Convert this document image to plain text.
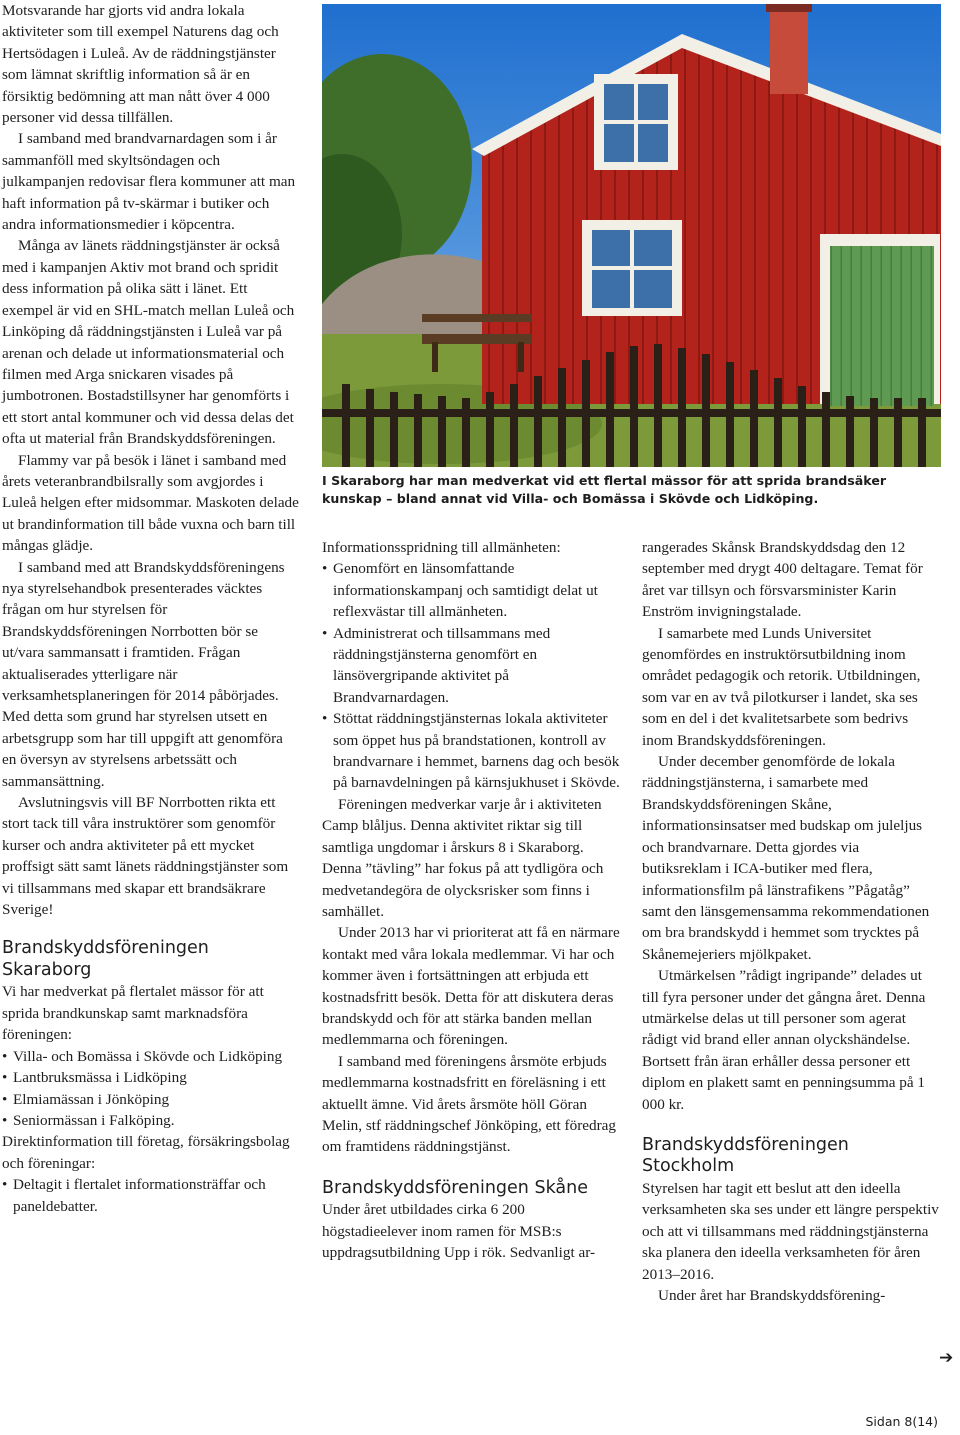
Motsvarande har gjorts vid andra lokala aktiviteter som till exempel Naturens dag och Hertsödagen i Luleå. Av de räddningstjänster som lämnat skriftlig information så är en försiktig bedömning att man nått över 4 000 personer vid dessa tillfällen.

I samband med brandvarnardagen som i år sammanföll med skyltsöndagen och julkampanjen redovisar flera kommuner att man haft information på tv-skärmar i butiker och andra informationsmedier i köpcentra.

Många av länets räddningstjänster är också med i kampanjen Aktiv mot brand och spridit dess information på olika sätt i länet. Ett exempel är vid en SHL-match mellan Luleå och Linköping då räddningstjänsten i Luleå var på arenan och delade ut informationsmaterial och filmen med Arga snickaren visades på jumbotronen. Bostadstillsyner har genomförts i ett stort antal kommuner och vid dessa delas det ofta ut material från Brandskyddsföreningen.

Flammy var på besök i länet i samband med årets veteranbrandbilsrally som avgjordes i Luleå helgen efter midsommar. Maskoten delade ut brandinformation till både vuxna och barn till mångas glädje.

I samband med att Brandskyddsföreningens nya styrelsehandbok presenterades väcktes frågan om hur styrelsen för Brandskyddsföreningen Norrbotten bör se ut/vara sammansatt i framtiden. Frågan aktualiserades ytterligare när verksamhetsplaneringen för 2014 påbörjades. Med detta som grund har styrelsen utsett en arbetsgrupp som har till uppgift att genomföra en översyn av styrelsens arbetssätt och sammansättning.

Avslutningsvis vill BF Norrbotten rikta ett stort tack till våra instruktörer som genomför kurser och andra aktiviteter på ett mycket proffsigt sätt samt länets räddningstjänster som vi tillsammans med skapar ett brandsäkrare Sverige!

Brandskyddsföreningen Skaraborg

Vi har medverkat på flertalet mässor för att sprida brandkunskap samt marknadsföra föreningen:

• Villa- och Bomässa i Skövde och Lidköping
• Lantbruksmässa i Lidköping
• Elmiamässan i Jönköping
• Seniormässan i Falköping.

Direktinformation till företag, försäkringsbolag och föreningar:

• Deltagit i flertalet informationsträffar och paneldebatter.
I Skaraborg har man medverkat vid ett flertal mässor för att sprida brandsäker kunskap – bland annat vid Villa- och Bomässa i Skövde och Lidköping.

Informationsspridning till allmänheten:

• Genomfört en länsomfattande informationskampanj och samtidigt delat ut reflexvästar till allmänheten.
• Administrerat och tillsammans med räddningstjänsterna genomfört en länsövergripande aktivitet på Brandvarnardagen.
• Stöttat räddningstjänsternas lokala aktiviteter som öppet hus på brandstationen, kontroll av brandvarnare i hemmet, barnens dag och besök på barnavdelningen på kärnsjukhuset i Skövde.

Föreningen medverkar varje år i aktiviteten Camp blåljus. Denna aktivitet riktar sig till samtliga ungdomar i årskurs 8 i Skaraborg. Denna ”tävling” har fokus på att tydligöra och medvetandegöra de olycksrisker som finns i samhället.

Under 2013 har vi prioriterat att få en närmare kontakt med våra lokala medlemmar. Vi har och kommer även i fortsättningen att erbjuda ett kostnadsfritt besök. Detta för att diskutera deras brandskydd och för att stärka banden mellan medlemmarna och föreningen.

I samband med föreningens årsmöte erbjuds medlemmarna kostnadsfritt en föreläsning i ett aktuellt ämne. Vid årets årsmöte höll Göran Melin, stf räddningschef Jönköping, ett föredrag om framtidens räddningstjänst.

Brandskyddsföreningen Skåne

Under året utbildades cirka 6 200 högstadieelever inom ramen för MSB:s uppdragsutbildning Upp i rök. Sedvanligt ar-

rangerades Skånsk Brandskyddsdag den 12 september med drygt 400 deltagare. Temat för året var tillsyn och försvarsminister Karin Enström invigningstalade.

I samarbete med Lunds Universitet genomfördes en instruktörsutbildning inom området pedagogik och retorik. Utbildningen, som var en av två pilotkurser i landet, ska ses som en del i det kvalitetsarbete som bedrivs inom Brandskyddsföreningen.

Under december genomförde de lokala räddningstjänsterna, i samarbete med Brandskyddsföreningen Skåne, informationsinsatser med budskap om juleljus och brandvarnare. Detta gjordes via butiksreklam i ICA-butiker med flera, informationsfilm på länstrafikens ”Pågatåg” samt den länsgemensamma rekommendationen om bra brandskydd i hemmet som trycktes på Skånemejeriers mjölkpaket.

Utmärkelsen ”rådigt ingripande” delades ut till fyra personer under det gångna året. Denna utmärkelse delas ut till personer som agerat rådigt vid brand eller annan olyckshändelse. Bortsett från äran erhåller dessa personer ett diplom en plakett samt en penningsumma på 1 000 kr.

Brandskyddsföreningen Stockholm

Styrelsen har tagit ett beslut att den ideella verksamheten ska ses under ett längre perspektiv och att vi tillsammans med räddningstjänsterna ska planera den ideella verksamheten för åren 2013–2016.

Under året har Brandskyddsförening-

➔
Sidan 8(14)
